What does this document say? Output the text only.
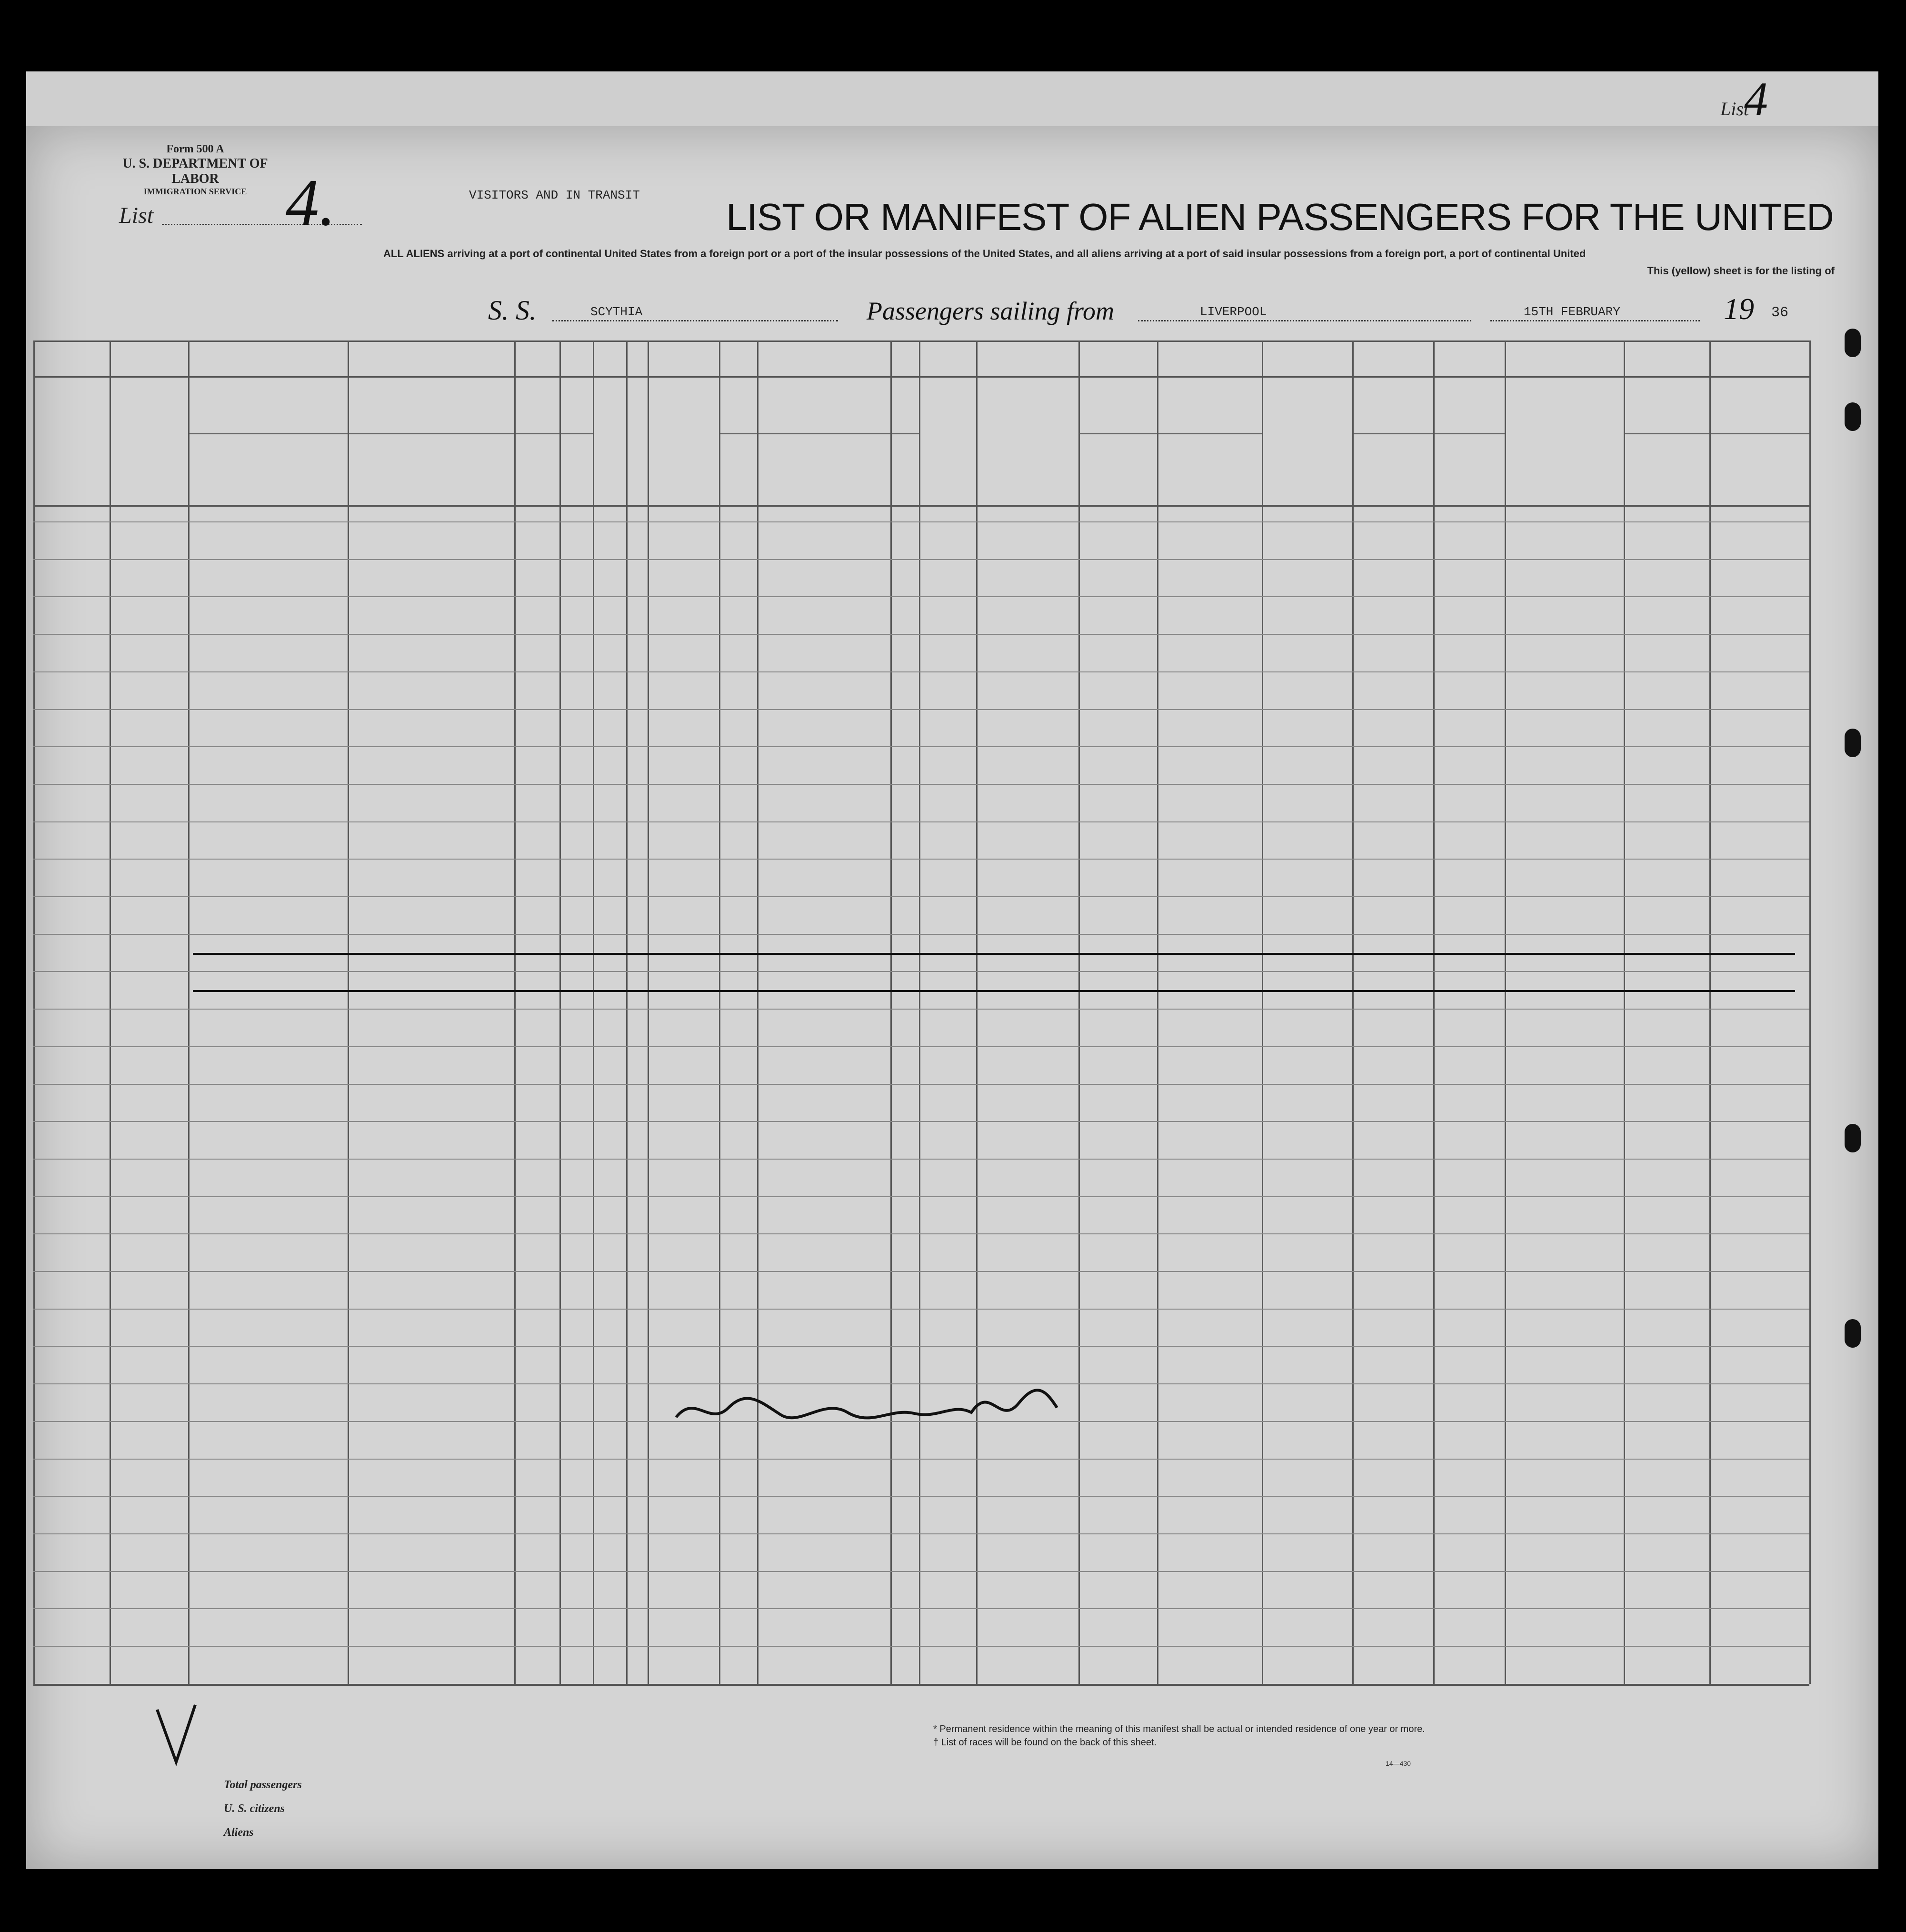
List
4
Form 500 A
U. S. DEPARTMENT OF LABOR
IMMIGRATION SERVICE
List 4.	VISITORS AND IN TRANSIT
LIST OR MANIFEST OF ALIEN PASSENGERS FOR THE UNITED
ALL ALIENS arriving at a port of continental United States from a foreign port or a port of the insular possessions of the United States, and all aliens arriving at a port of said insular possessions from a foreign port, a port of continental United
This (yellow) sheet is for the listing of
S. S.	SCYTHIA	Passengers sailing from	LIVERPOOL	15TH FEBRUARY	19 36
Total passengers
U. S. citizens
Aliens
* Permanent residence within the meaning of this manifest shall be actual or intended residence of one year or more.
† List of races will be found on the back of this sheet.
14—430
